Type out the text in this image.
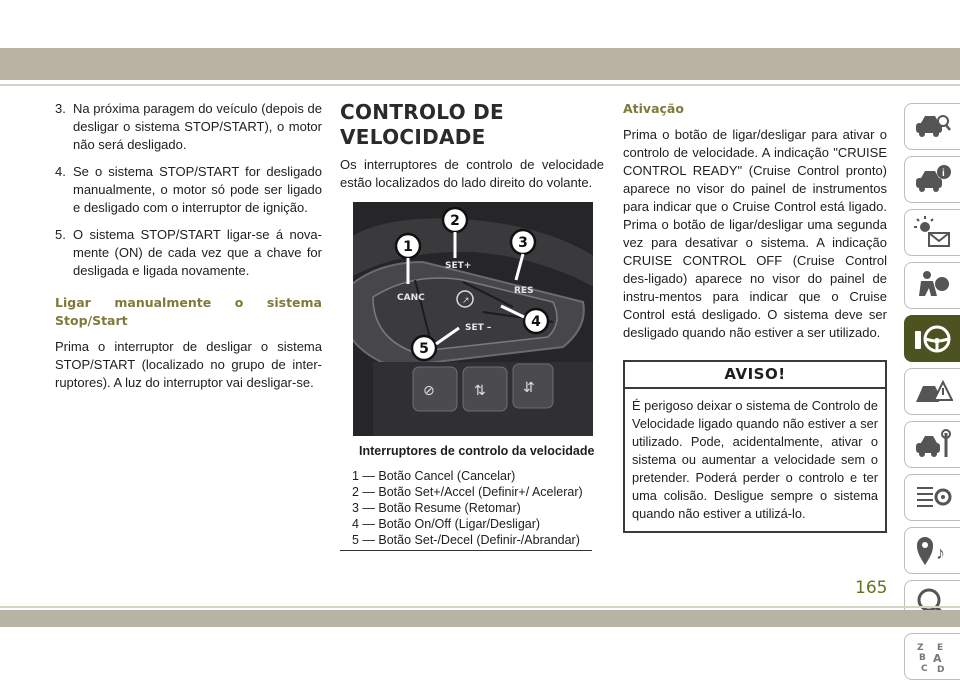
3. Na próxima paragem do veículo (depois de desligar o sistema STOP/START), o motor não será desligado.
4. Se o sistema STOP/START for desligado manualmente, o motor só pode ser ligado e desligado com o interruptor de ignição.
5. O sistema STOP/START ligar-se á nova-mente (ON) de cada vez que a chave for desligada e ligada novamente.
Ligar manualmente o sistema Stop/Start

Prima o interruptor de desligar o sistema STOP/START (localizado no grupo de inter-ruptores). A luz do interruptor vai desligar-se.

CONTROLO DE
VELOCIDADE

Os interruptores de controlo de velocidade estão localizados do lado direito do volante.

↗
CANC
SET+
RES
SET –
⊘	⇅	⇵
1
2
3
4
5
Interruptores de controlo da velocidade
1 — Botão Cancel (Cancelar)
2 — Botão Set+/Accel (Definir+/ Acelerar)
3 — Botão Resume (Retomar)
4 — Botão On/Off (Ligar/Desligar)
5 — Botão Set-/Decel (Definir-/Abrandar)
Ativação

Prima o botão de ligar/desligar para ativar o controlo de velocidade. A indicação "CRUISE CONTROL READY" (Cruise Control pronto) aparece no visor do painel de instrumentos para indicar que o Cruise Control está ligado. Prima o botão de ligar/desligar uma segunda vez para desativar o sistema. A indicação CRUISE CONTROL OFF (Cruise Control des-ligado) aparece no visor do painel de instru-mentos para indicar que o Cruise Control está desligado. O sistema deve ser desligado quando não estiver a ser utilizado.

AVISO!
É perigoso deixar o sistema de Controlo de Velocidade ligado quando não estiver a ser utilizado. Pode, acidentalmente, ativar o sistema ou aumentar a velocidade sem o pretender. Poderá perder o controlo e ter uma colisão. Desligue sempre o sistema quando não estiver a utilizá-lo.
i
♪
Z E
B A
C D
165
